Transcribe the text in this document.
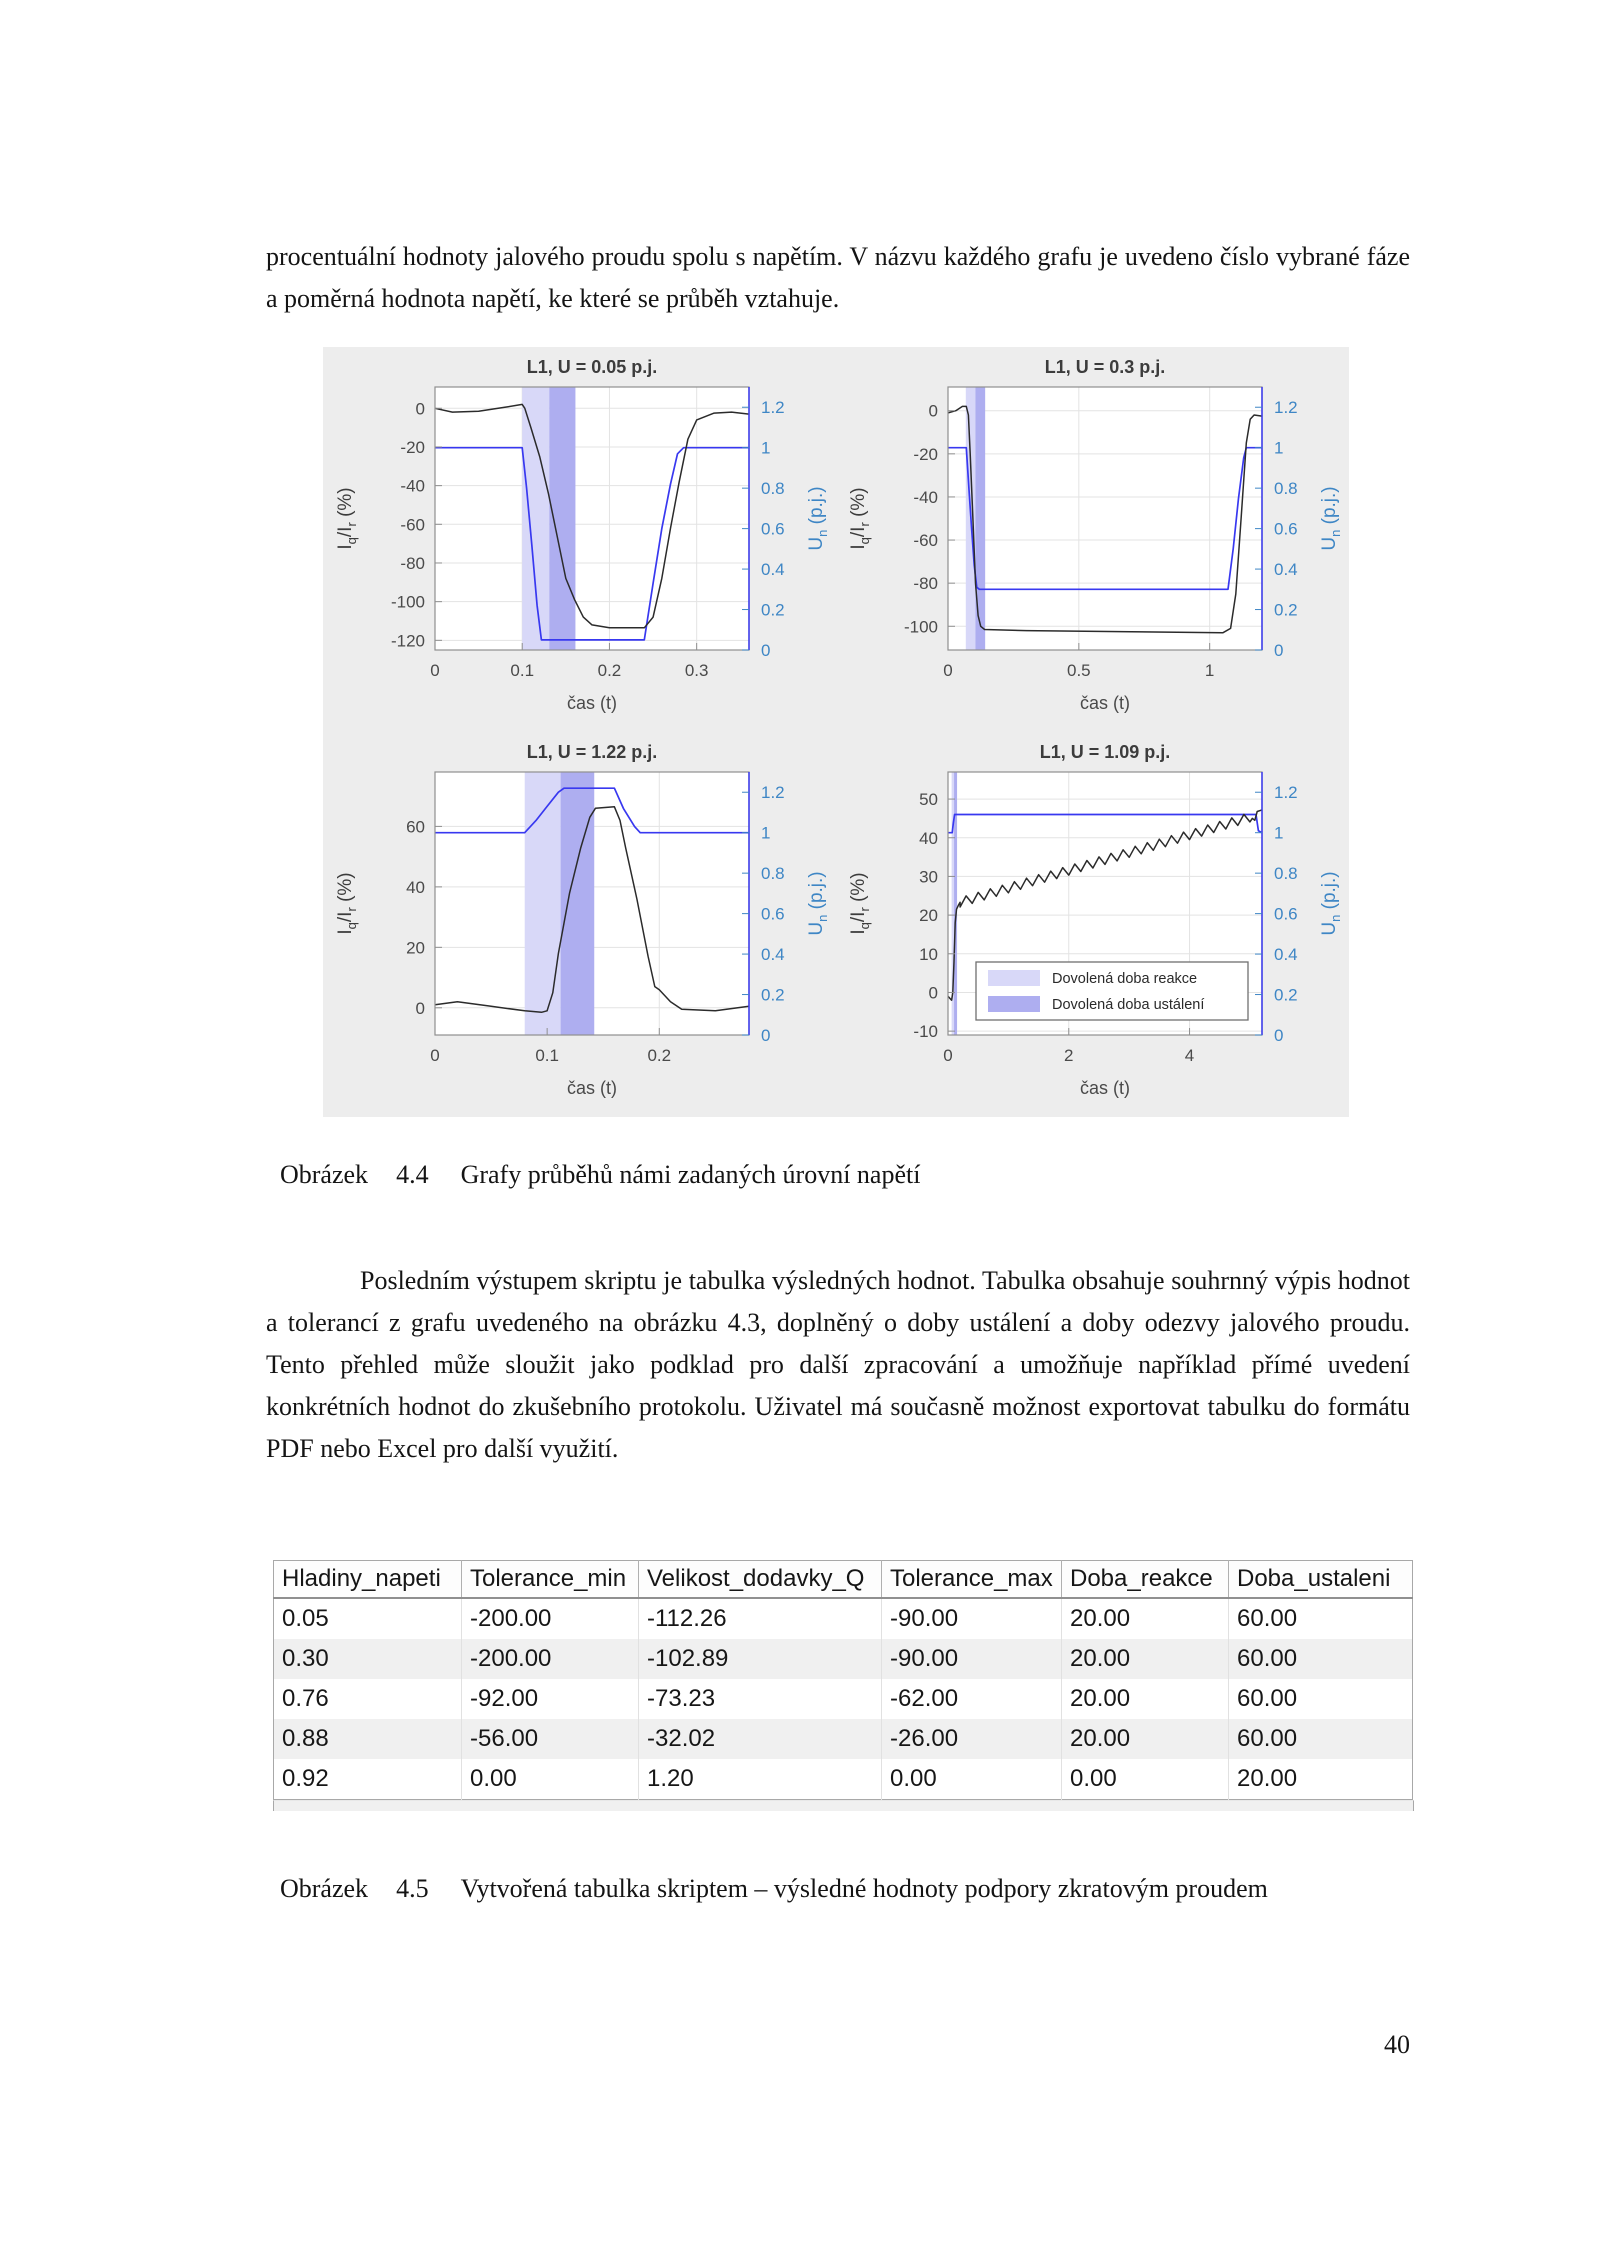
procentuální hodnoty jalového proudu spolu s napětím. V názvu každého grafu je uvedeno číslo vybrané fáze a poměrná hodnota napětí, ke které se průběh vztahuje.

0	0.1	0.2	0.3
0
-20
-40
-60
-80
-100
-120
0
0.2
0.4
0.6
0.8
1
1.2
L1, U = 0.05 p.j.
čas (t)
$I_q/I_r$ (%)
$U_n$ (p.j.)
0	0.5	1
0
-20
-40
-60
-80
-100
0
0.2
0.4
0.6
0.8
1
1.2
L1, U = 0.3 p.j.
čas (t)
$I_q/I_r$ (%)
$U_n$ (p.j.)
0	0.1	0.2
0
20
40
60
0
0.2
0.4
0.6
0.8
1
1.2
L1, U = 1.22 p.j.
čas (t)
$I_q/I_r$ (%)
$U_n$ (p.j.)
0	2	4
-10
0
10
20
30
40
50
0
0.2
0.4
0.6
0.8
1
1.2
L1, U = 1.09 p.j.
čas (t)
$I_q/I_r$ (%)
$U_n$ (p.j.)
Dovolená doba reakce
Dovolená doba ustálení
Obrázek 4.4 Grafy průběhů námi zadaných úrovní napětí

Posledním výstupem skriptu je tabulka výsledných hodnot. Tabulka obsahuje souhrnný výpis hodnot a tolerancí z grafu uvedeného na obrázku 4.3, doplněný o doby ustálení a doby odezvy jalového proudu. Tento přehled může sloužit jako podklad pro další zpracování a umožňuje například přímé uvedení konkrétních hodnot do zkušebního protokolu. Uživatel má současně možnost exportovat tabulku do formátu PDF nebo Excel pro další využití.

Hladiny_napeti	Tolerance_min	Velikost_dodavky_Q	Tolerance_max	Doba_reakce	Doba_ustaleni
0.05	-200.00	-112.26	-90.00	20.00	60.00
0.30	-200.00	-102.89	-90.00	20.00	60.00
0.76	-92.00	-73.23	-62.00	20.00	60.00
0.88	-56.00	-32.02	-26.00	20.00	60.00
0.92	0.00	1.20	0.00	0.00	20.00
Obrázek 4.5 Vytvořená tabulka skriptem – výsledné hodnoty podpory zkratovým proudem
40
